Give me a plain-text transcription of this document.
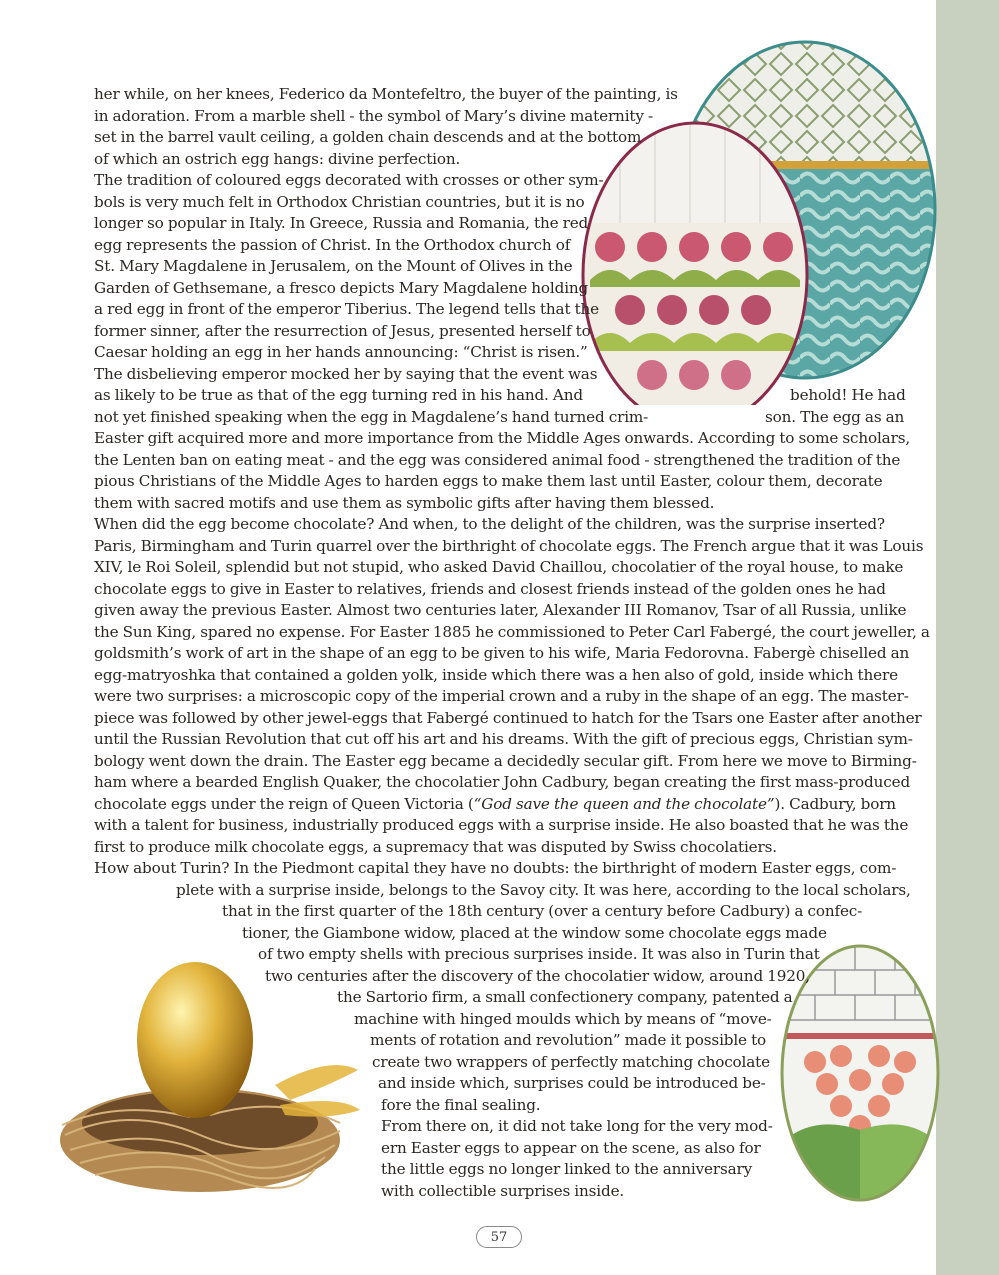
her while, on her knees, Federico da Montefeltro, the buyer of the painting, is
in adoration. From a marble shell - the symbol of Mary’s divine maternity -
set in the barrel vault ceiling, a golden chain descends and at the bottom
of which an ostrich egg hangs: divine perfection.
The tradition of coloured eggs decorated with crosses or other sym-
bols is very much felt in Orthodox Christian countries, but it is no
longer so popular in Italy. In Greece, Russia and Romania, the red
egg represents the passion of Christ. In the Orthodox church of
St. Mary Magdalene in Jerusalem, on the Mount of Olives in the
Garden of Gethsemane, a fresco depicts Mary Magdalene holding
a red egg in front of the emperor Tiberius. The legend tells that the
former sinner, after the resurrection of Jesus, presented herself to
Caesar holding an egg in her hands announcing: “Christ is risen.”
The disbelieving emperor mocked her by saying that the event was
as likely to be true as that of the egg turning red in his hand. And	behold! He had
not yet finished speaking when the egg in Magdalene’s hand turned crim-	son. The egg as an
Easter gift acquired more and more importance from the Middle Ages onwards. According to some scholars,
the Lenten ban on eating meat - and the egg was considered animal food - strengthened the tradition of the
pious Christians of the Middle Ages to harden eggs to make them last until Easter, colour them, decorate
them with sacred motifs and use them as symbolic gifts after having them blessed.
When did the egg become chocolate? And when, to the delight of the children, was the surprise inserted?
Paris, Birmingham and Turin quarrel over the birthright of chocolate eggs. The French argue that it was Louis
XIV, le Roi Soleil, splendid but not stupid, who asked David Chaillou, chocolatier of the royal house, to make
chocolate eggs to give in Easter to relatives, friends and closest friends instead of the golden ones he had
given away the previous Easter. Almost two centuries later, Alexander III Romanov, Tsar of all Russia, unlike
the Sun King, spared no expense. For Easter 1885 he commissioned to Peter Carl Fabergé, the court jeweller, a
goldsmith’s work of art in the shape of an egg to be given to his wife, Maria Fedorovna. Fabergè chiselled an
egg-matryoshka that contained a golden yolk, inside which there was a hen also of gold, inside which there
were two surprises: a microscopic copy of the imperial crown and a ruby in the shape of an egg. The master-
piece was followed by other jewel-eggs that Fabergé continued to hatch for the Tsars one Easter after another
until the Russian Revolution that cut off his art and his dreams. With the gift of precious eggs, Christian sym-
bology went down the drain. The Easter egg became a decidedly secular gift. From here we move to Birming-
ham where a bearded English Quaker, the chocolatier John Cadbury, began creating the first mass-produced
chocolate eggs under the reign of Queen Victoria (“God save the queen and the chocolate”). Cadbury, born
with a talent for business, industrially produced eggs with a surprise inside. He also boasted that he was the
first to produce milk chocolate eggs, a supremacy that was disputed by Swiss chocolatiers.
How about Turin? In the Piedmont capital they have no doubts: the birthright of modern Easter eggs, com-
plete with a surprise inside, belongs to the Savoy city. It was here, according to the local scholars,
that in the first quarter of the 18th century (over a century before Cadbury) a confec-
tioner, the Giambone widow, placed at the window some chocolate eggs made
of two empty shells with precious surprises inside. It was also in Turin that
two centuries after the discovery of the chocolatier widow, around 1920,
the Sartorio firm, a small confectionery company, patented a
machine with hinged moulds which by means of “move-
ments of rotation and revolution” made it possible to
create two wrappers of perfectly matching chocolate
and inside which, surprises could be introduced be-
fore the final sealing.
From there on, it did not take long for the very mod-
ern Easter eggs to appear on the scene, as also for
the little eggs no longer linked to the anniversary
with collectible surprises inside.
57
